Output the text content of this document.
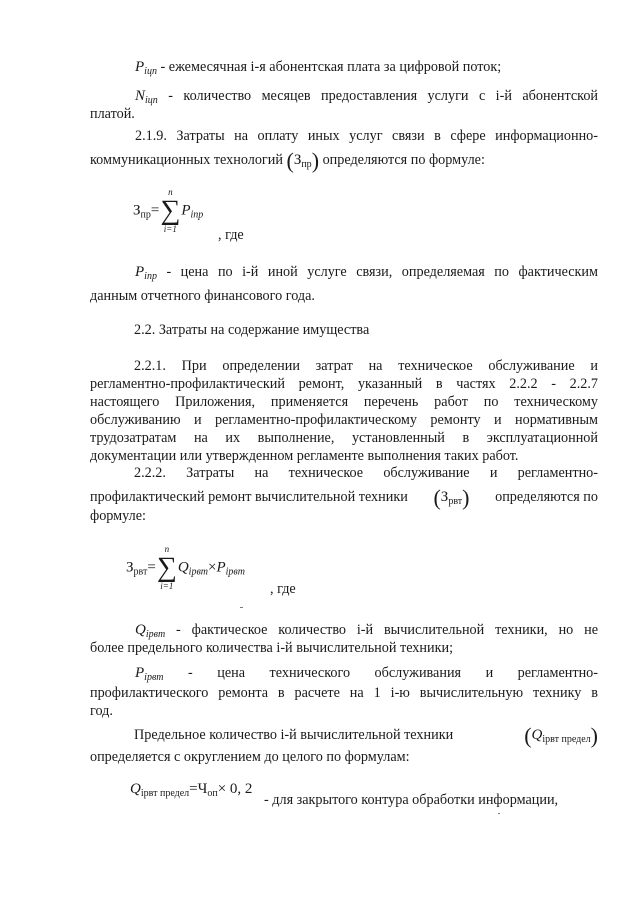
$P_{iцп}$ - ежемесячная i-я абонентская плата за цифровой поток;
$N_{iцп}$ - количество месяцев предоставления услуги с i-й абонентской
платой.
2.1.9. Затраты на оплату иных услуг связи в сфере информационно-
коммуникационных технологий $(З_{пр})$ определяются по формуле:
$З_{пр}=$
n
∑
i=1
$P_{iпр}$
, где
$P_{iпр}$ - цена по i-й иной услуге связи, определяемая по фактическим
данным отчетного финансового года.
2.2. Затраты на содержание имущества
2.2.1. При определении затрат на техническое обслуживание и
регламентно-профилактический ремонт, указанный в частях 2.2.2 - 2.2.7
настоящего Приложения, применяется перечень работ по техническому
обслуживанию и регламентно-профилактическому ремонту и нормативным
трудозатратам на их выполнение, установленный в эксплуатационной
документации или утвержденном регламенте выполнения таких работ.
2.2.2. Затраты на техническое обслуживание и регламентно-
профилактический ремонт вычислительной техники $(З_{рвт})$ определяются по
формуле:
$З_{рвт}=$
n
∑
i=1
$Q_{iрвт}\times P_{iрвт}$
, где
$Q_{iрвт}$ - фактическое количество i-й вычислительной техники, но не
более предельного количества i-й вычислительной техники;
$P_{iрвт}$ - цена технического обслуживания и регламентно-
профилактического ремонта в расчете на 1 i-ю вычислительную технику в
год.
Предельное количество i-й вычислительной техники	$(Q_{iрвт предел})$
определяется с округлением до целого по формулам:
$Q_{iрвт предел}=Ч_{оп}\times 0$, 2
- для закрытого контура обработки информации,
